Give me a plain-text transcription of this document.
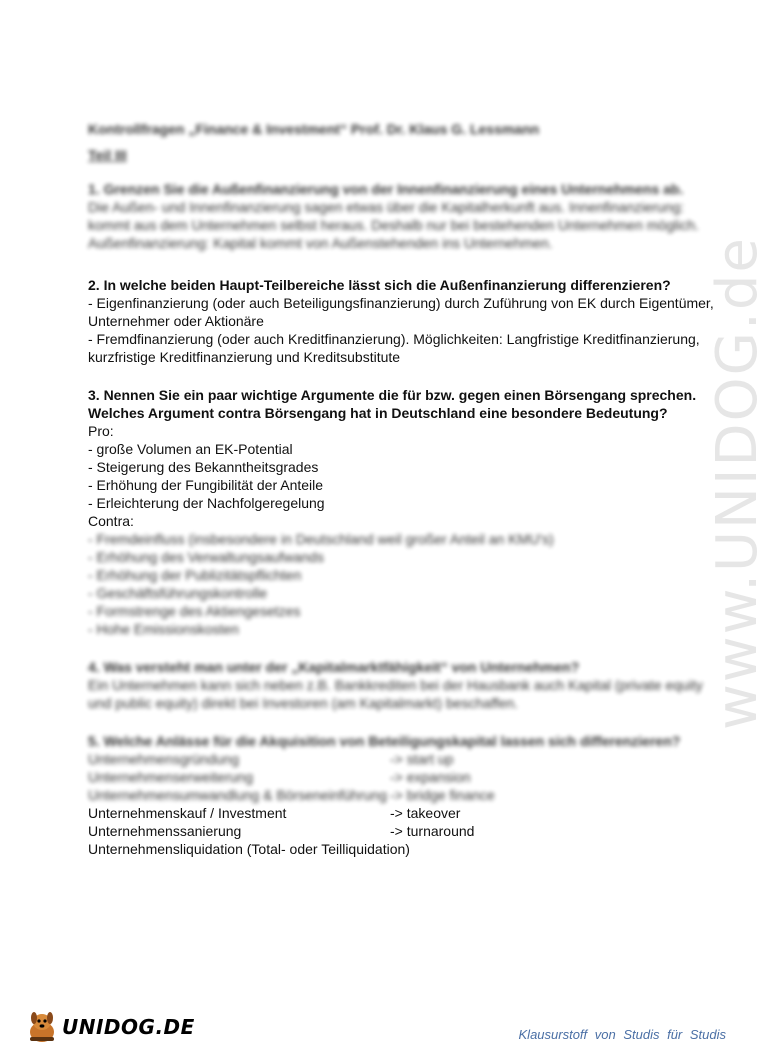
www.UNIDOG.de
Kontrollfragen „Finance & Investment“ Prof. Dr. Klaus G. Lessmann
Teil III
1. Grenzen Sie die Außenfinanzierung von der Innenfinanzierung eines Unternehmens ab.
Die Außen- und Innenfinanzierung sagen etwas über die Kapitalherkunft aus. Innenfinanzierung:
kommt aus dem Unternehmen selbst heraus. Deshalb nur bei bestehenden Unternehmen möglich.
Außenfinanzierung: Kapital kommt von Außenstehenden ins Unternehmen.
2. In welche beiden Haupt-Teilbereiche lässt sich die Außenfinanzierung differenzieren?
- Eigenfinanzierung (oder auch Beteiligungsfinanzierung) durch Zuführung von EK durch Eigentümer,
Unternehmer oder Aktionäre
- Fremdfinanzierung (oder auch Kreditfinanzierung). Möglichkeiten: Langfristige Kreditfinanzierung,
kurzfristige Kreditfinanzierung und Kreditsubstitute
3. Nennen Sie ein paar wichtige Argumente die für bzw. gegen einen Börsengang sprechen.
Welches Argument contra Börsengang hat in Deutschland eine besondere Bedeutung?
Pro:
- große Volumen an EK-Potential
- Steigerung des Bekanntheitsgrades
- Erhöhung der Fungibilität der Anteile
- Erleichterung der Nachfolgeregelung
Contra:
- Fremdeinfluss (insbesondere in Deutschland weil großer Anteil an KMU's)
- Erhöhung des Verwaltungsaufwands
- Erhöhung der Publizitätspflichten
- Geschäftsführungskontrolle
- Formstrenge des Aktiengesetzes
- Hohe Emissionskosten
4. Was versteht man unter der „Kapitalmarktfähigkeit“ von Unternehmen?
Ein Unternehmen kann sich neben z.B. Bankkrediten bei der Hausbank auch Kapital (private equity
und public equity) direkt bei Investoren (am Kapitalmarkt) beschaffen.
5. Welche Anlässe für die Akquisition von Beteiligungskapital lassen sich differenzieren?
Unternehmensgründung	-> start up
Unternehmenserweiterung	-> expansion
Unternehmensumwandlung & Börseneinführung -> bridge finance
Unternehmenskauf / Investment	-> takeover
Unternehmenssanierung	-> turnaround
Unternehmensliquidation (Total- oder Teilliquidation)
UNIDOG.DE	Klausurstoff von Studis für Studis
